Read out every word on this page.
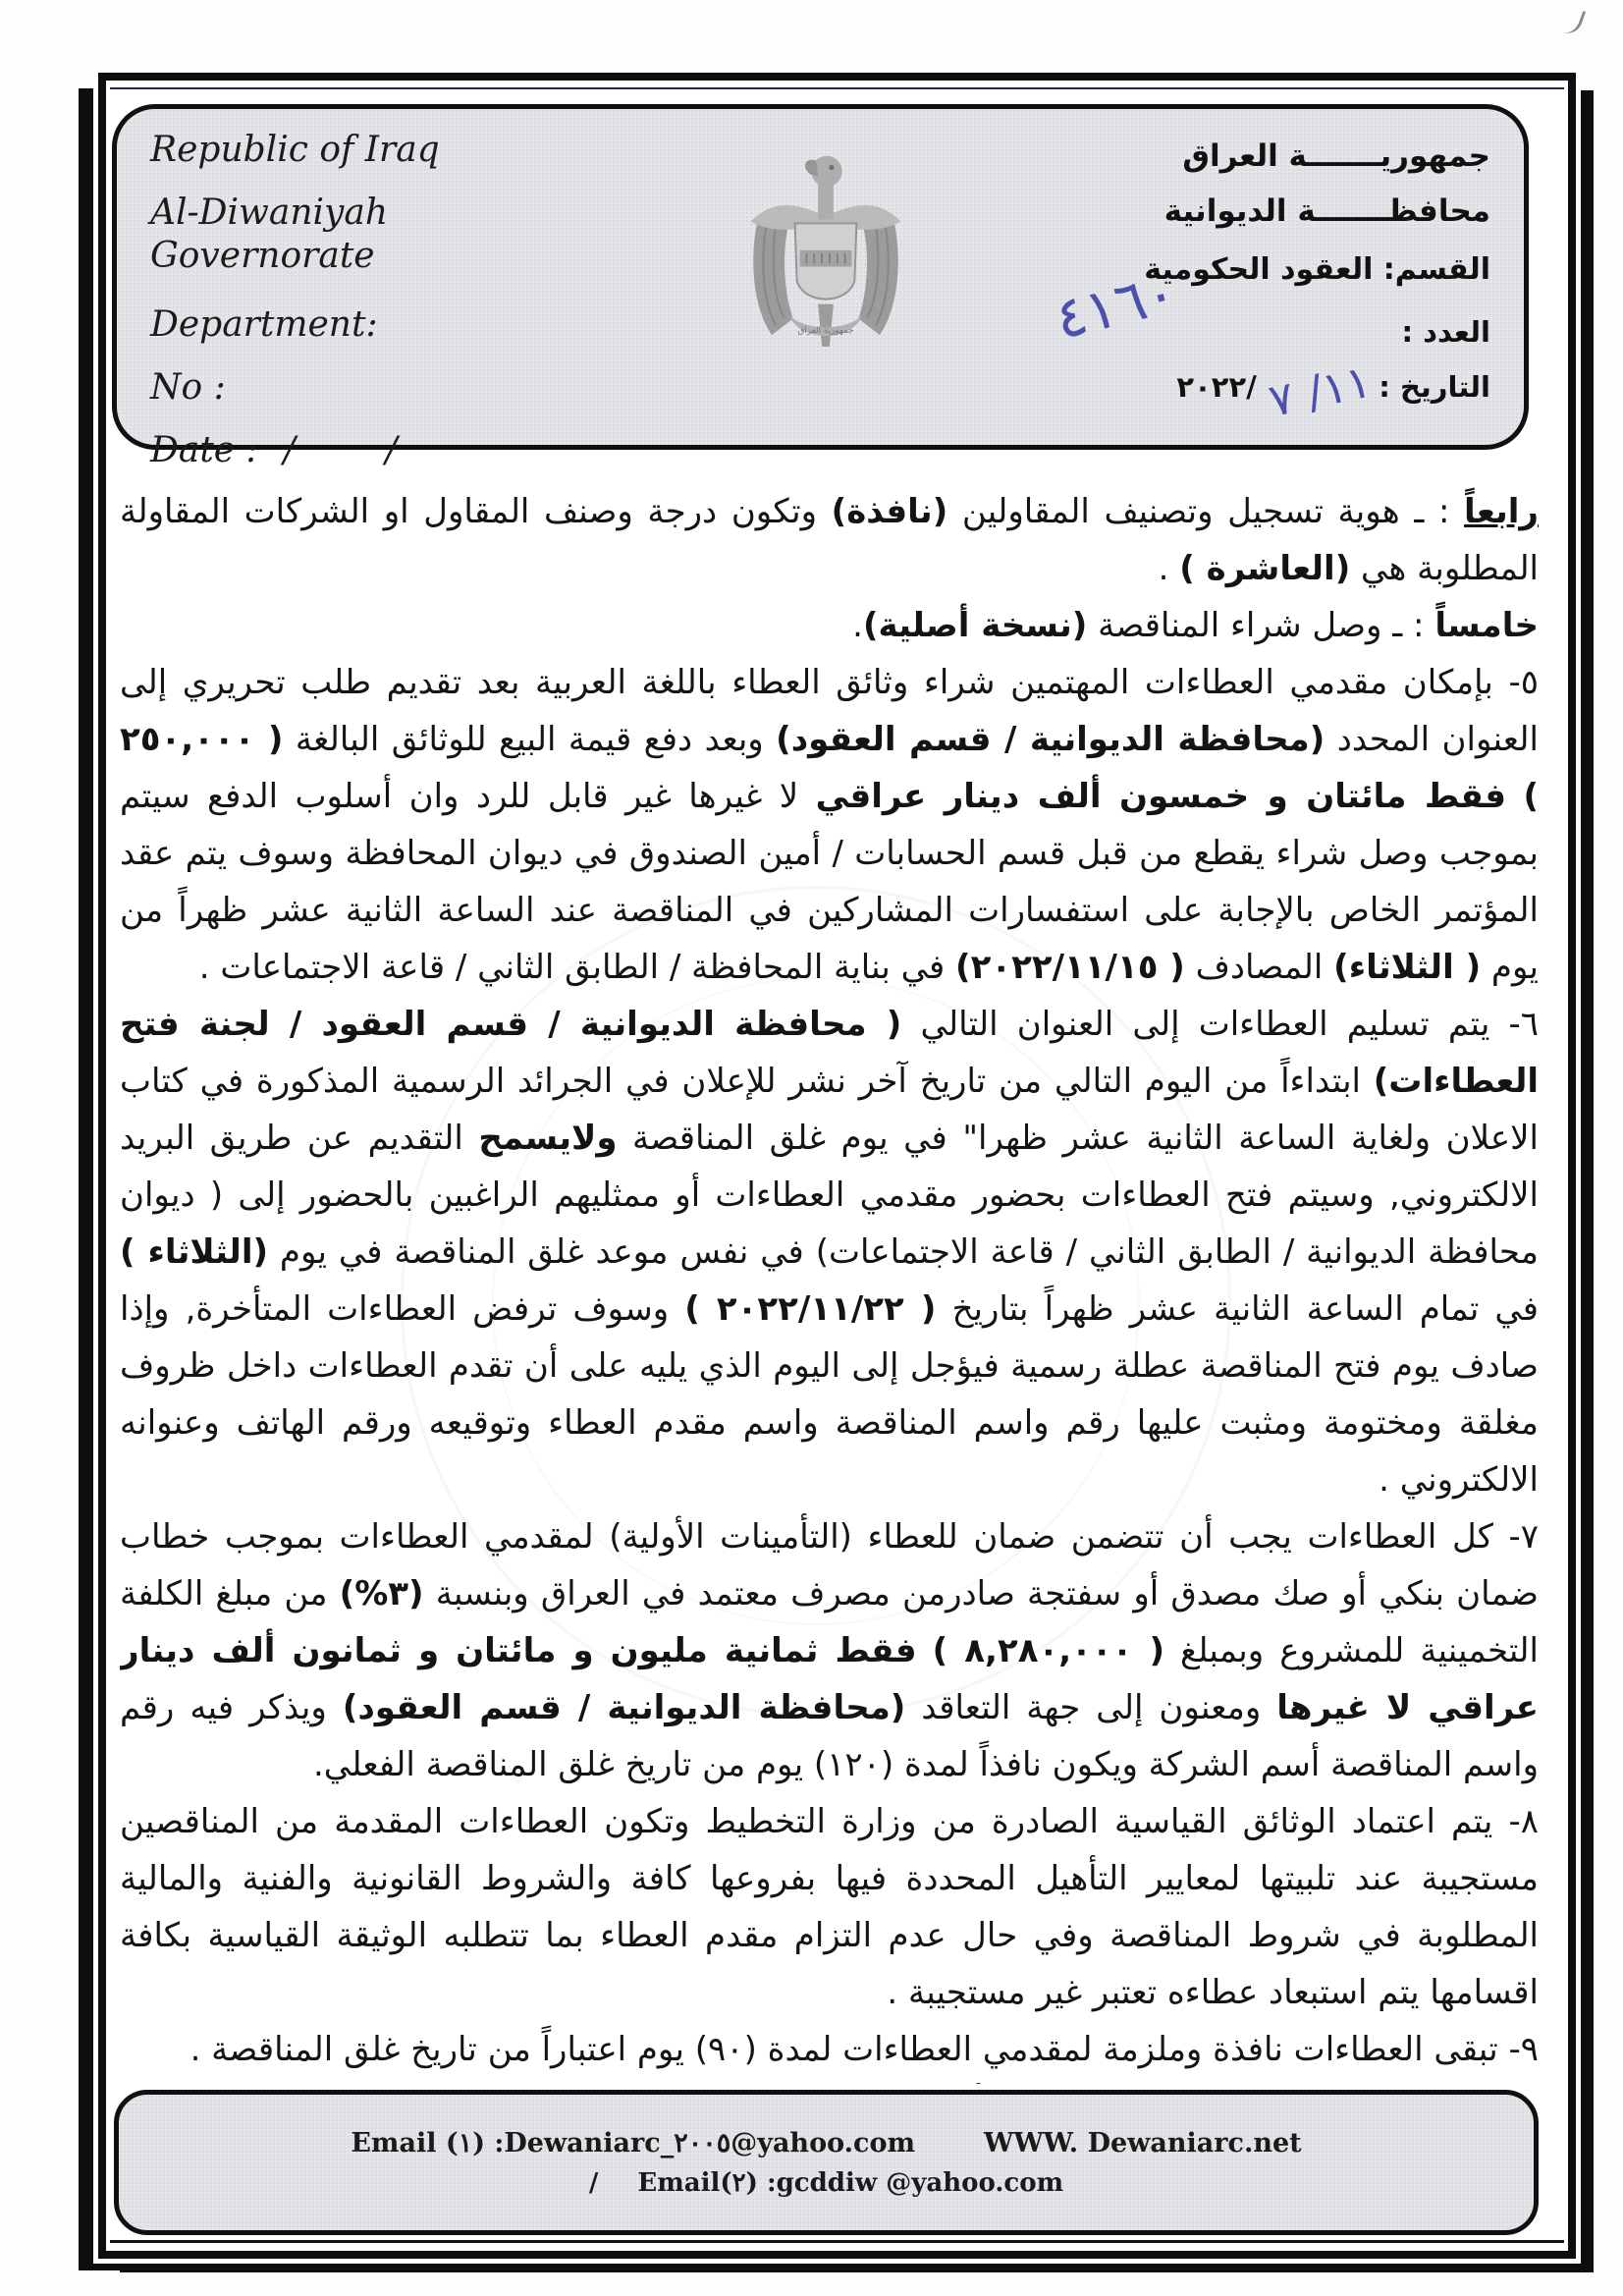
Republic of Iraq
Al-Diwaniyah Governorate
Department:
No :
Date : /        /
جمهورية العراق
جمهوريـــــــة العراق
محافظـــــــة الديوانية
القسم: العقود الحكومية
العدد :
٤١٦٠
التاريخ : ٢٠٢٢/ ١١/ ٧
رابعاً : ـ هوية تسجيل وتصنيف المقاولين (نافذة) وتكون درجة وصنف المقاول او الشركات المقاولة المطلوبة هي (العاشرة ) .
خامساً : ـ وصل شراء المناقصة (نسخة أصلية).
٥- بإمكان مقدمي العطاءات المهتمين شراء وثائق العطاء باللغة العربية بعد تقديم طلب تحريري إلى العنوان المحدد (محافظة الديوانية / قسم العقود) وبعد دفع قيمة البيع للوثائق البالغة ( ٢٥٠,٠٠٠ ) فقط مائتان و خمسون ألف دينار عراقي لا غيرها غير قابل للرد وان أسلوب الدفع سيتم بموجب وصل شراء يقطع من قبل قسم الحسابات / أمين الصندوق في ديوان المحافظة وسوف يتم عقد المؤتمر الخاص بالإجابة على استفسارات المشاركين في المناقصة عند الساعة الثانية عشر ظهراً من يوم ( الثلاثاء) المصادف ( ٢٠٢٢/١١/١٥) في بناية المحافظة / الطابق الثاني / قاعة الاجتماعات .
٦- يتم تسليم العطاءات إلى العنوان التالي ( محافظة الديوانية / قسم العقود / لجنة فتح العطاءات) ابتداءاً من اليوم التالي من تاريخ آخر نشر للإعلان في الجرائد الرسمية المذكورة في كتاب الاعلان ولغاية الساعة الثانية عشر ظهرا" في يوم غلق المناقصة ولايسمح التقديم عن طريق البريد الالكتروني, وسيتم فتح العطاءات بحضور مقدمي العطاءات أو ممثليهم الراغبين بالحضور إلى ( ديوان محافظة الديوانية / الطابق الثاني / قاعة الاجتماعات) في نفس موعد غلق المناقصة في يوم (الثلاثاء ) في تمام الساعة الثانية عشر ظهراً بتاريخ ( ٢٠٢٢/١١/٢٢ ) وسوف ترفض العطاءات المتأخرة, وإذا صادف يوم فتح المناقصة عطلة رسمية فيؤجل إلى اليوم الذي يليه على أن تقدم العطاءات داخل ظروف مغلقة ومختومة ومثبت عليها رقم واسم المناقصة واسم مقدم العطاء وتوقيعه ورقم الهاتف وعنوانه الالكتروني .
٧- كل العطاءات يجب أن تتضمن ضمان للعطاء (التأمينات الأولية) لمقدمي العطاءات بموجب خطاب ضمان بنكي أو صك مصدق أو سفتجة صادرمن مصرف معتمد في العراق وبنسبة (٣%) من مبلغ الكلفة التخمينية للمشروع وبمبلغ ( ٨,٢٨٠,٠٠٠ ) فقط ثمانية مليون و مائتان و ثمانون ألف دينار عراقي لا غيرها ومعنون إلى جهة التعاقد (محافظة الديوانية / قسم العقود) ويذكر فيه رقم واسم المناقصة أسم الشركة ويكون نافذاً لمدة (١٢٠) يوم من تاريخ غلق المناقصة الفعلي.
٨- يتم اعتماد الوثائق القياسية الصادرة من وزارة التخطيط وتكون العطاءات المقدمة من المناقصين مستجيبة عند تلبيتها لمعايير التأهيل المحددة فيها بفروعها كافة والشروط القانونية والفنية والمالية المطلوبة في شروط المناقصة وفي حال عدم التزام مقدم العطاء بما تتطلبه الوثيقة القياسية بكافة اقسامها يتم استبعاد عطاءه تعتبر غير مستجيبة .
٩- تبقى العطاءات نافذة وملزمة لمقدمي العطاءات لمدة (٩٠) يوم اعتباراً من تاريخ غلق المناقصة .
Email (١) :Dewaniarc_٢٠٠٥@yahoo.com	WWW. Dewaniarc.net
/ Email(٢) :gcddiw @yahoo.com
